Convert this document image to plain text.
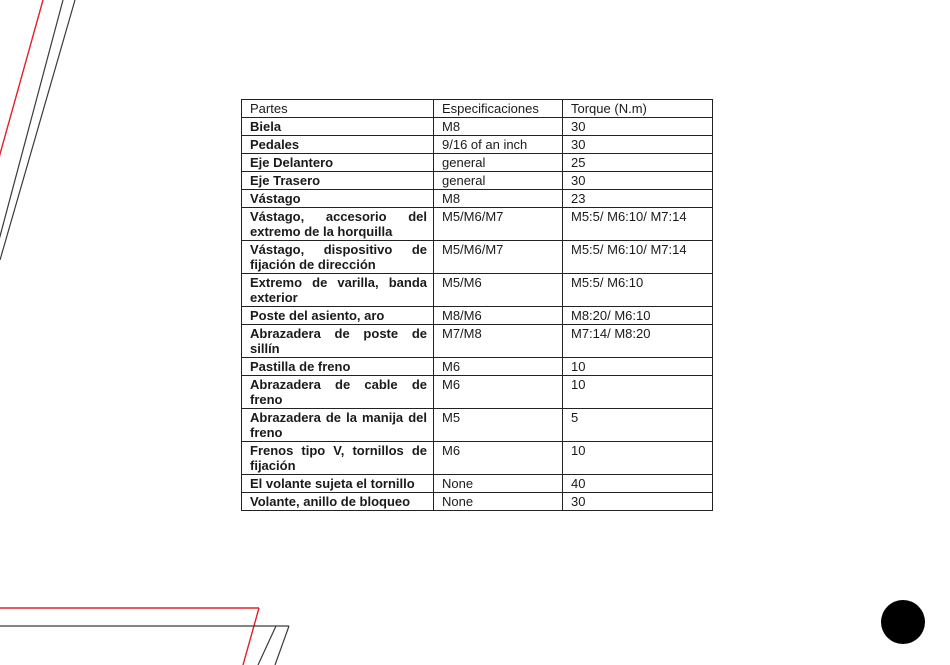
Partes	Especificaciones	Torque (N.m)
Biela	M8	30
Pedales	9/16 of an inch	30
Eje Delantero	general	25
Eje Trasero	general	30
Vástago	M8	23
Vástago, accesorio del extremo de la horquilla	M5/M6/M7	M5:5/ M6:10/ M7:14
Vástago, dispositivo de fijación de dirección	M5/M6/M7	M5:5/ M6:10/ M7:14
Extremo de varilla, banda exterior	M5/M6	M5:5/ M6:10
Poste del asiento, aro	M8/M6	M8:20/ M6:10
Abrazadera de poste de sillín	M7/M8	M7:14/ M8:20
Pastilla de freno	M6	10
Abrazadera de cable de freno	M6	10
Abrazadera de la manija del freno	M5	5
Frenos tipo V, tornillos de fijación	M6	10
El volante sujeta el tornillo	None	40
Volante, anillo de bloqueo	None	30
